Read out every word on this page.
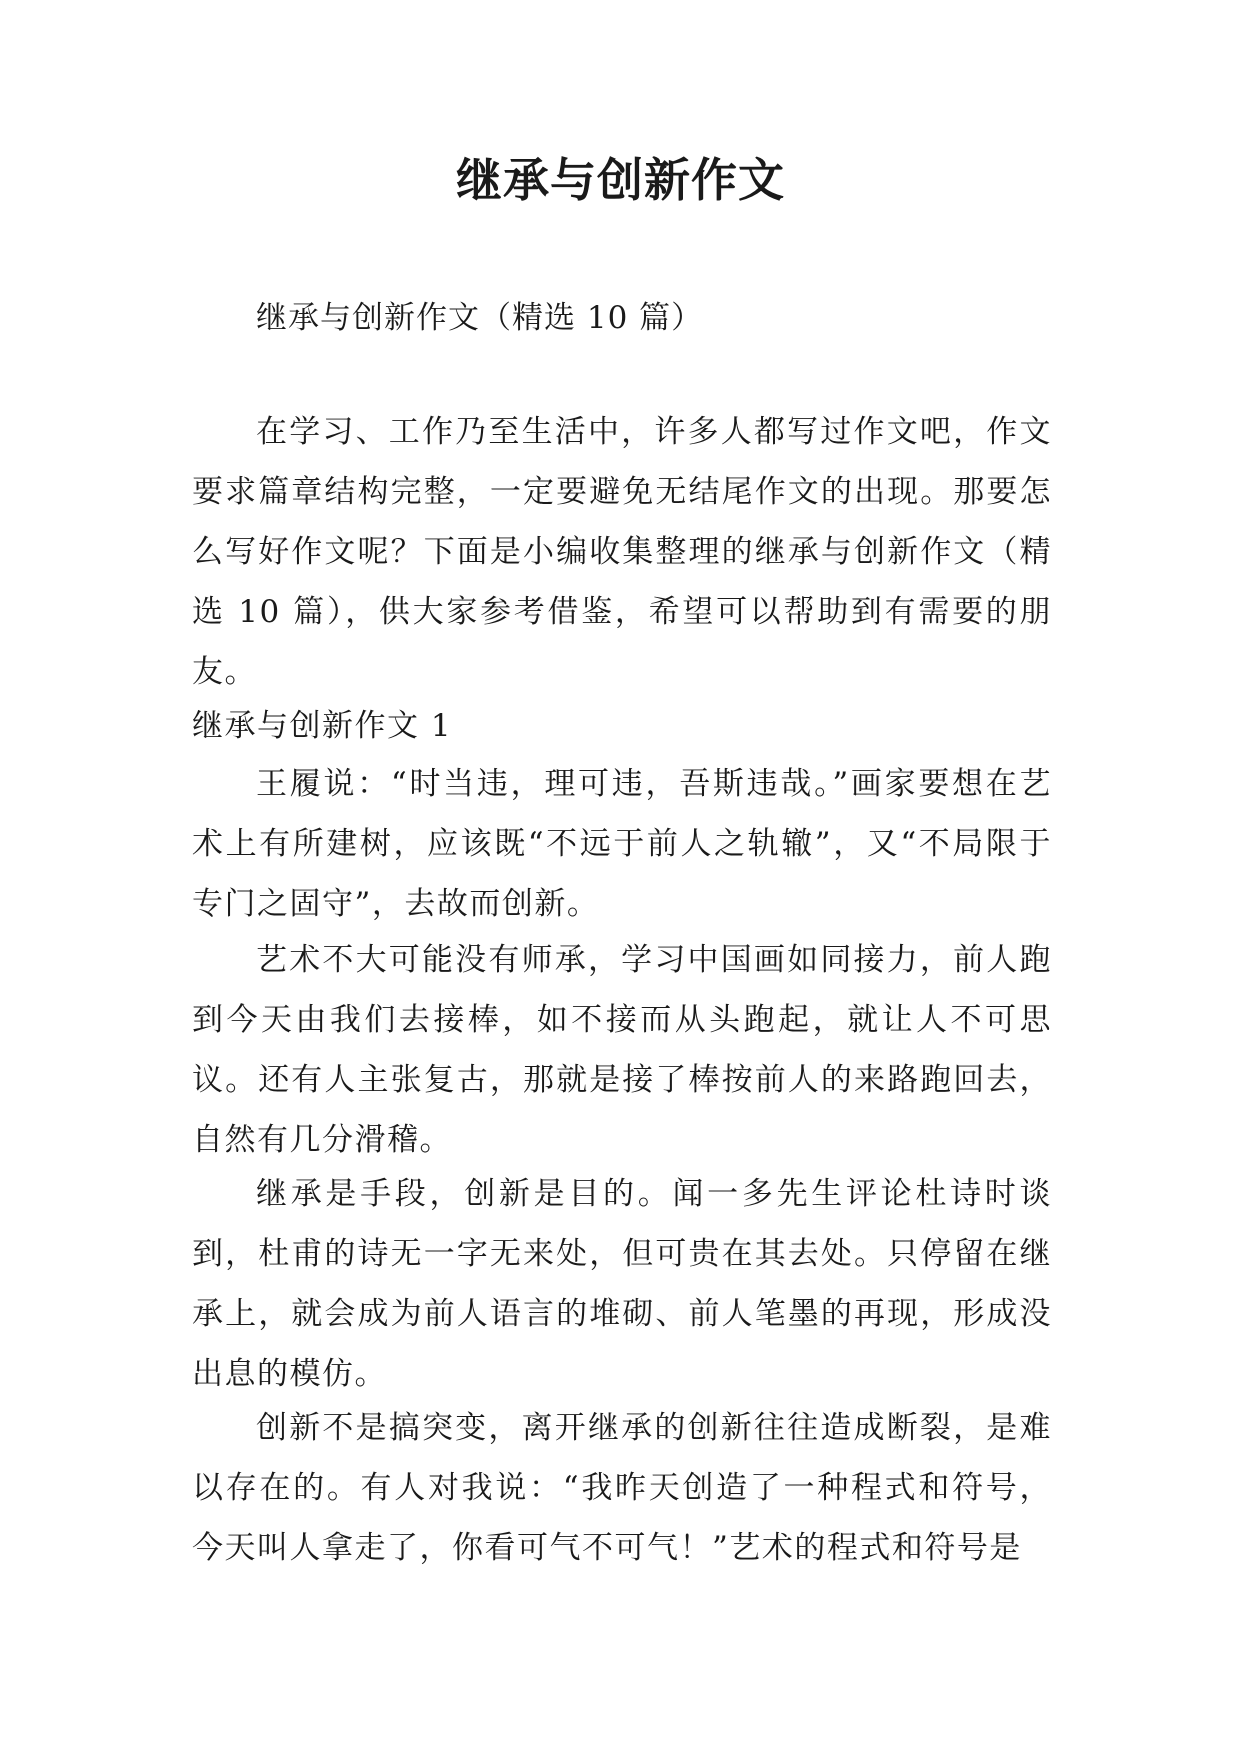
继承与创新作文

继承与创新作文（精选 10 篇）

在学习、工作乃至生活中，许多人都写过作文吧，作文要求篇章结构完整，一定要避免无结尾作文的出现。那要怎么写好作文呢？下面是小编收集整理的继承与创新作文（精选 10 篇），供大家参考借鉴，希望可以帮助到有需要的朋友。

继承与创新作文 1

王履说：“时当违，理可违，吾斯违哉。”画家要想在艺术上有所建树，应该既“不远于前人之轨辙”，又“不局限于专门之固守”，去故而创新。

艺术不大可能没有师承，学习中国画如同接力，前人跑到今天由我们去接棒，如不接而从头跑起，就让人不可思议。还有人主张复古，那就是接了棒按前人的来路跑回去，自然有几分滑稽。

继承是手段，创新是目的。闻一多先生评论杜诗时谈到，杜甫的诗无一字无来处，但可贵在其去处。只停留在继承上，就会成为前人语言的堆砌、前人笔墨的再现，形成没出息的模仿。

创新不是搞突变，离开继承的创新往往造成断裂，是难以存在的。有人对我说：“我昨天创造了一种程式和符号，今天叫人拿走了，你看可气不可气！”艺术的程式和符号是
